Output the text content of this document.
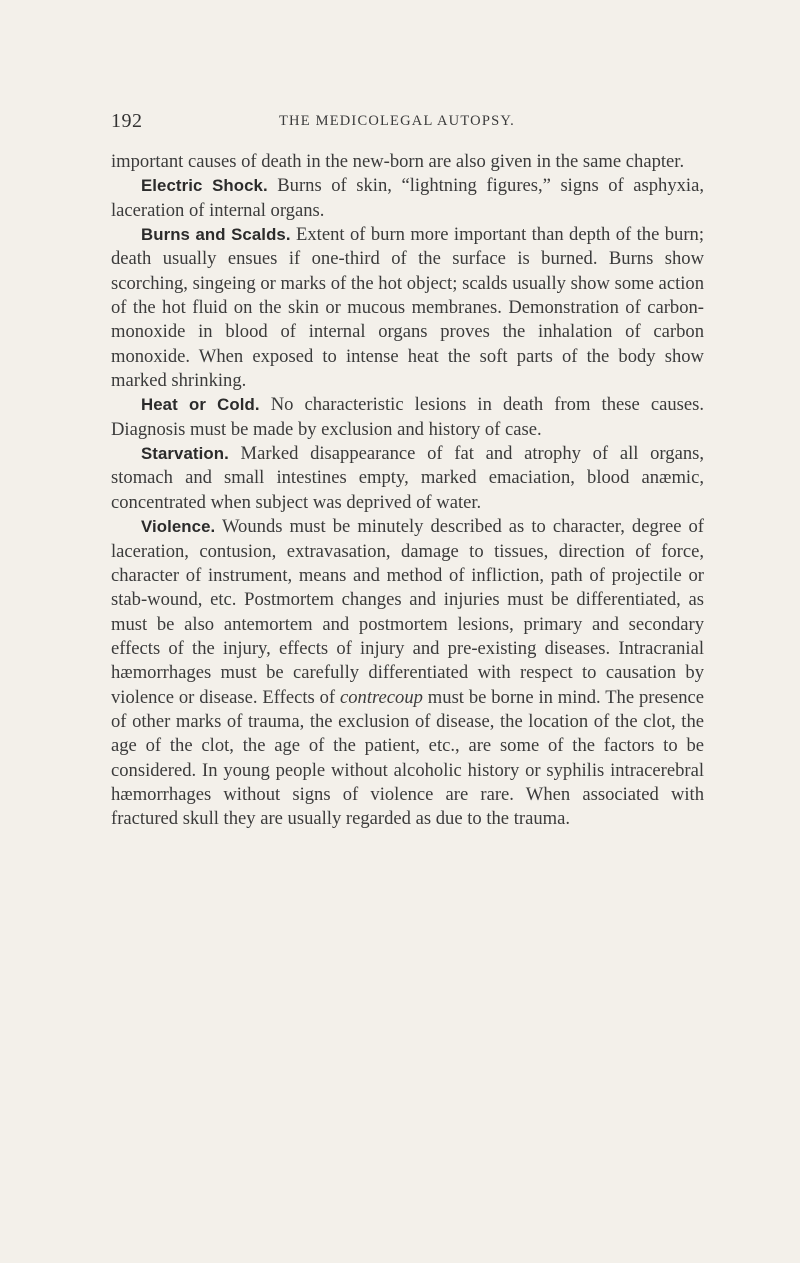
192	THE MEDICOLEGAL AUTOPSY.

important causes of death in the new-born are also given in the same chapter.

Electric Shock. Burns of skin, “lightning figures,” signs of asphyxia, laceration of internal organs.

Burns and Scalds. Extent of burn more important than depth of the burn; death usually ensues if one-third of the surface is burned. Burns show scorching, singeing or marks of the hot object; scalds usually show some action of the hot fluid on the skin or mucous membranes. Demonstration of carbon-monoxide in blood of internal organs proves the inhalation of carbon monoxide. When exposed to intense heat the soft parts of the body show marked shrinking.

Heat or Cold. No characteristic lesions in death from these causes. Diagnosis must be made by exclusion and history of case.

Starvation. Marked disappearance of fat and atrophy of all organs, stomach and small intestines empty, marked emaciation, blood anæmic, concentrated when subject was deprived of water.

Violence. Wounds must be minutely described as to character, degree of laceration, contusion, extravasation, damage to tissues, direction of force, character of instrument, means and method of infliction, path of projectile or stab-wound, etc. Postmortem changes and injuries must be differentiated, as must be also antemortem and postmortem lesions, primary and secondary effects of the injury, effects of injury and pre-existing diseases. Intracranial hæmorrhages must be carefully differentiated with respect to causation by violence or disease. Effects of contrecoup must be borne in mind. The presence of other marks of trauma, the exclusion of disease, the location of the clot, the age of the clot, the age of the patient, etc., are some of the factors to be considered. In young people without alcoholic history or syphilis intracerebral hæmorrhages without signs of violence are rare. When associated with fractured skull they are usually regarded as due to the trauma.
